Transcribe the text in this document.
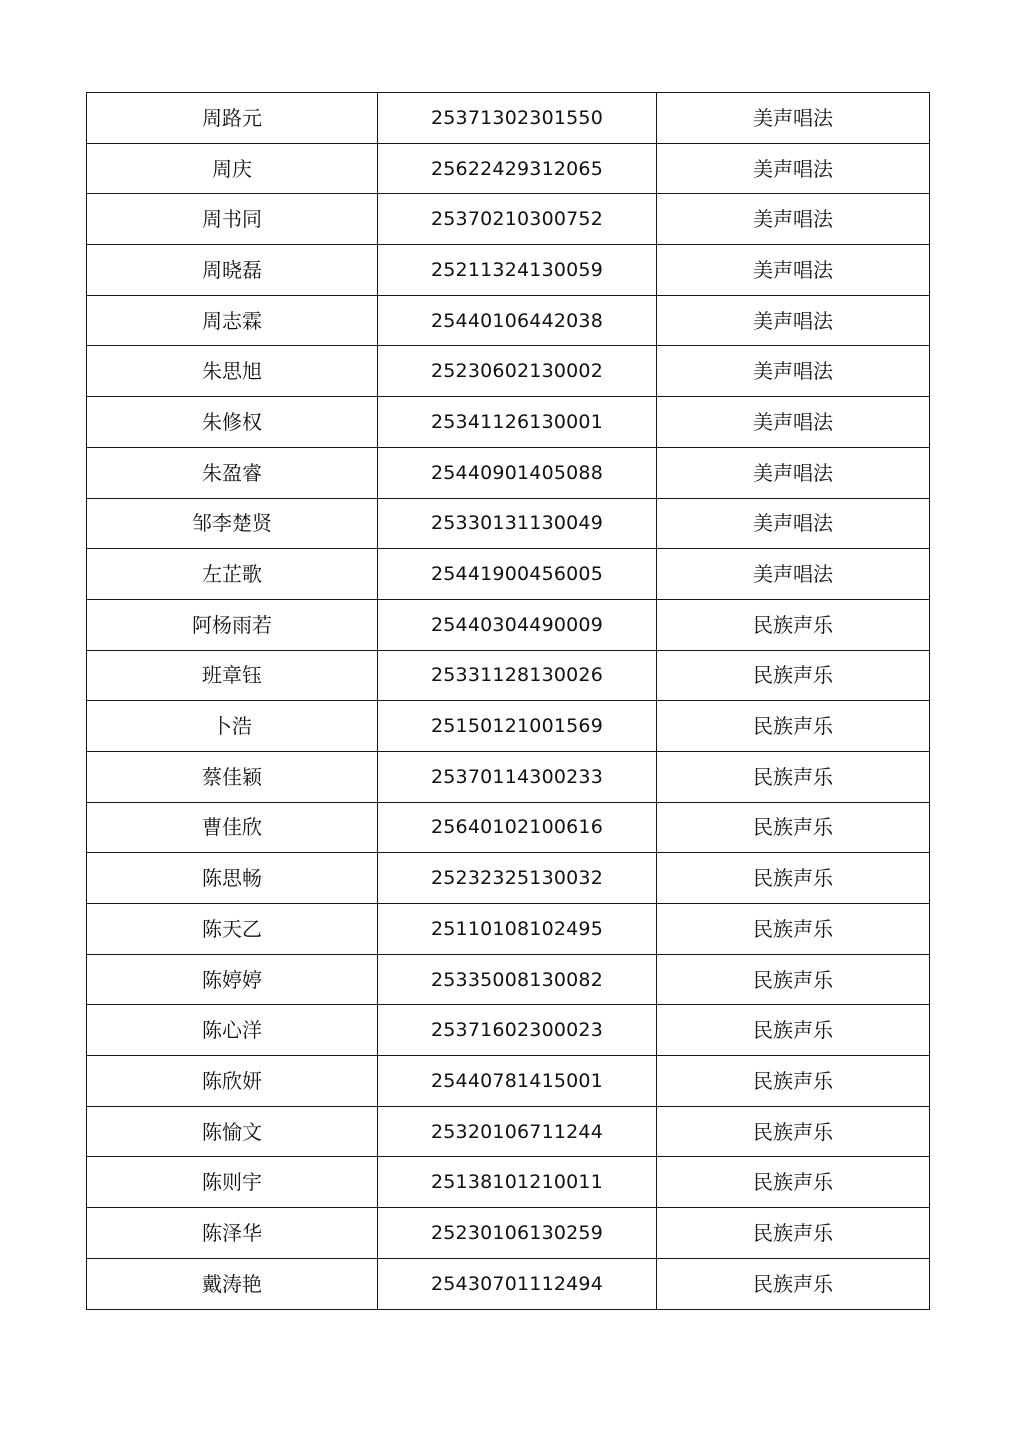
周路元	25371302301550	美声唱法
周庆	25622429312065	美声唱法
周书同	25370210300752	美声唱法
周晓磊	25211324130059	美声唱法
周志霖	25440106442038	美声唱法
朱思旭	25230602130002	美声唱法
朱修权	25341126130001	美声唱法
朱盈睿	25440901405088	美声唱法
邹李楚贤	25330131130049	美声唱法
左芷歌	25441900456005	美声唱法
阿杨雨若	25440304490009	民族声乐
班章钰	25331128130026	民族声乐
卜浩	25150121001569	民族声乐
蔡佳颖	25370114300233	民族声乐
曹佳欣	25640102100616	民族声乐
陈思畅	25232325130032	民族声乐
陈天乙	25110108102495	民族声乐
陈婷婷	25335008130082	民族声乐
陈心洋	25371602300023	民族声乐
陈欣妍	25440781415001	民族声乐
陈愉文	25320106711244	民族声乐
陈则宇	25138101210011	民族声乐
陈泽华	25230106130259	民族声乐
戴涛艳	25430701112494	民族声乐
